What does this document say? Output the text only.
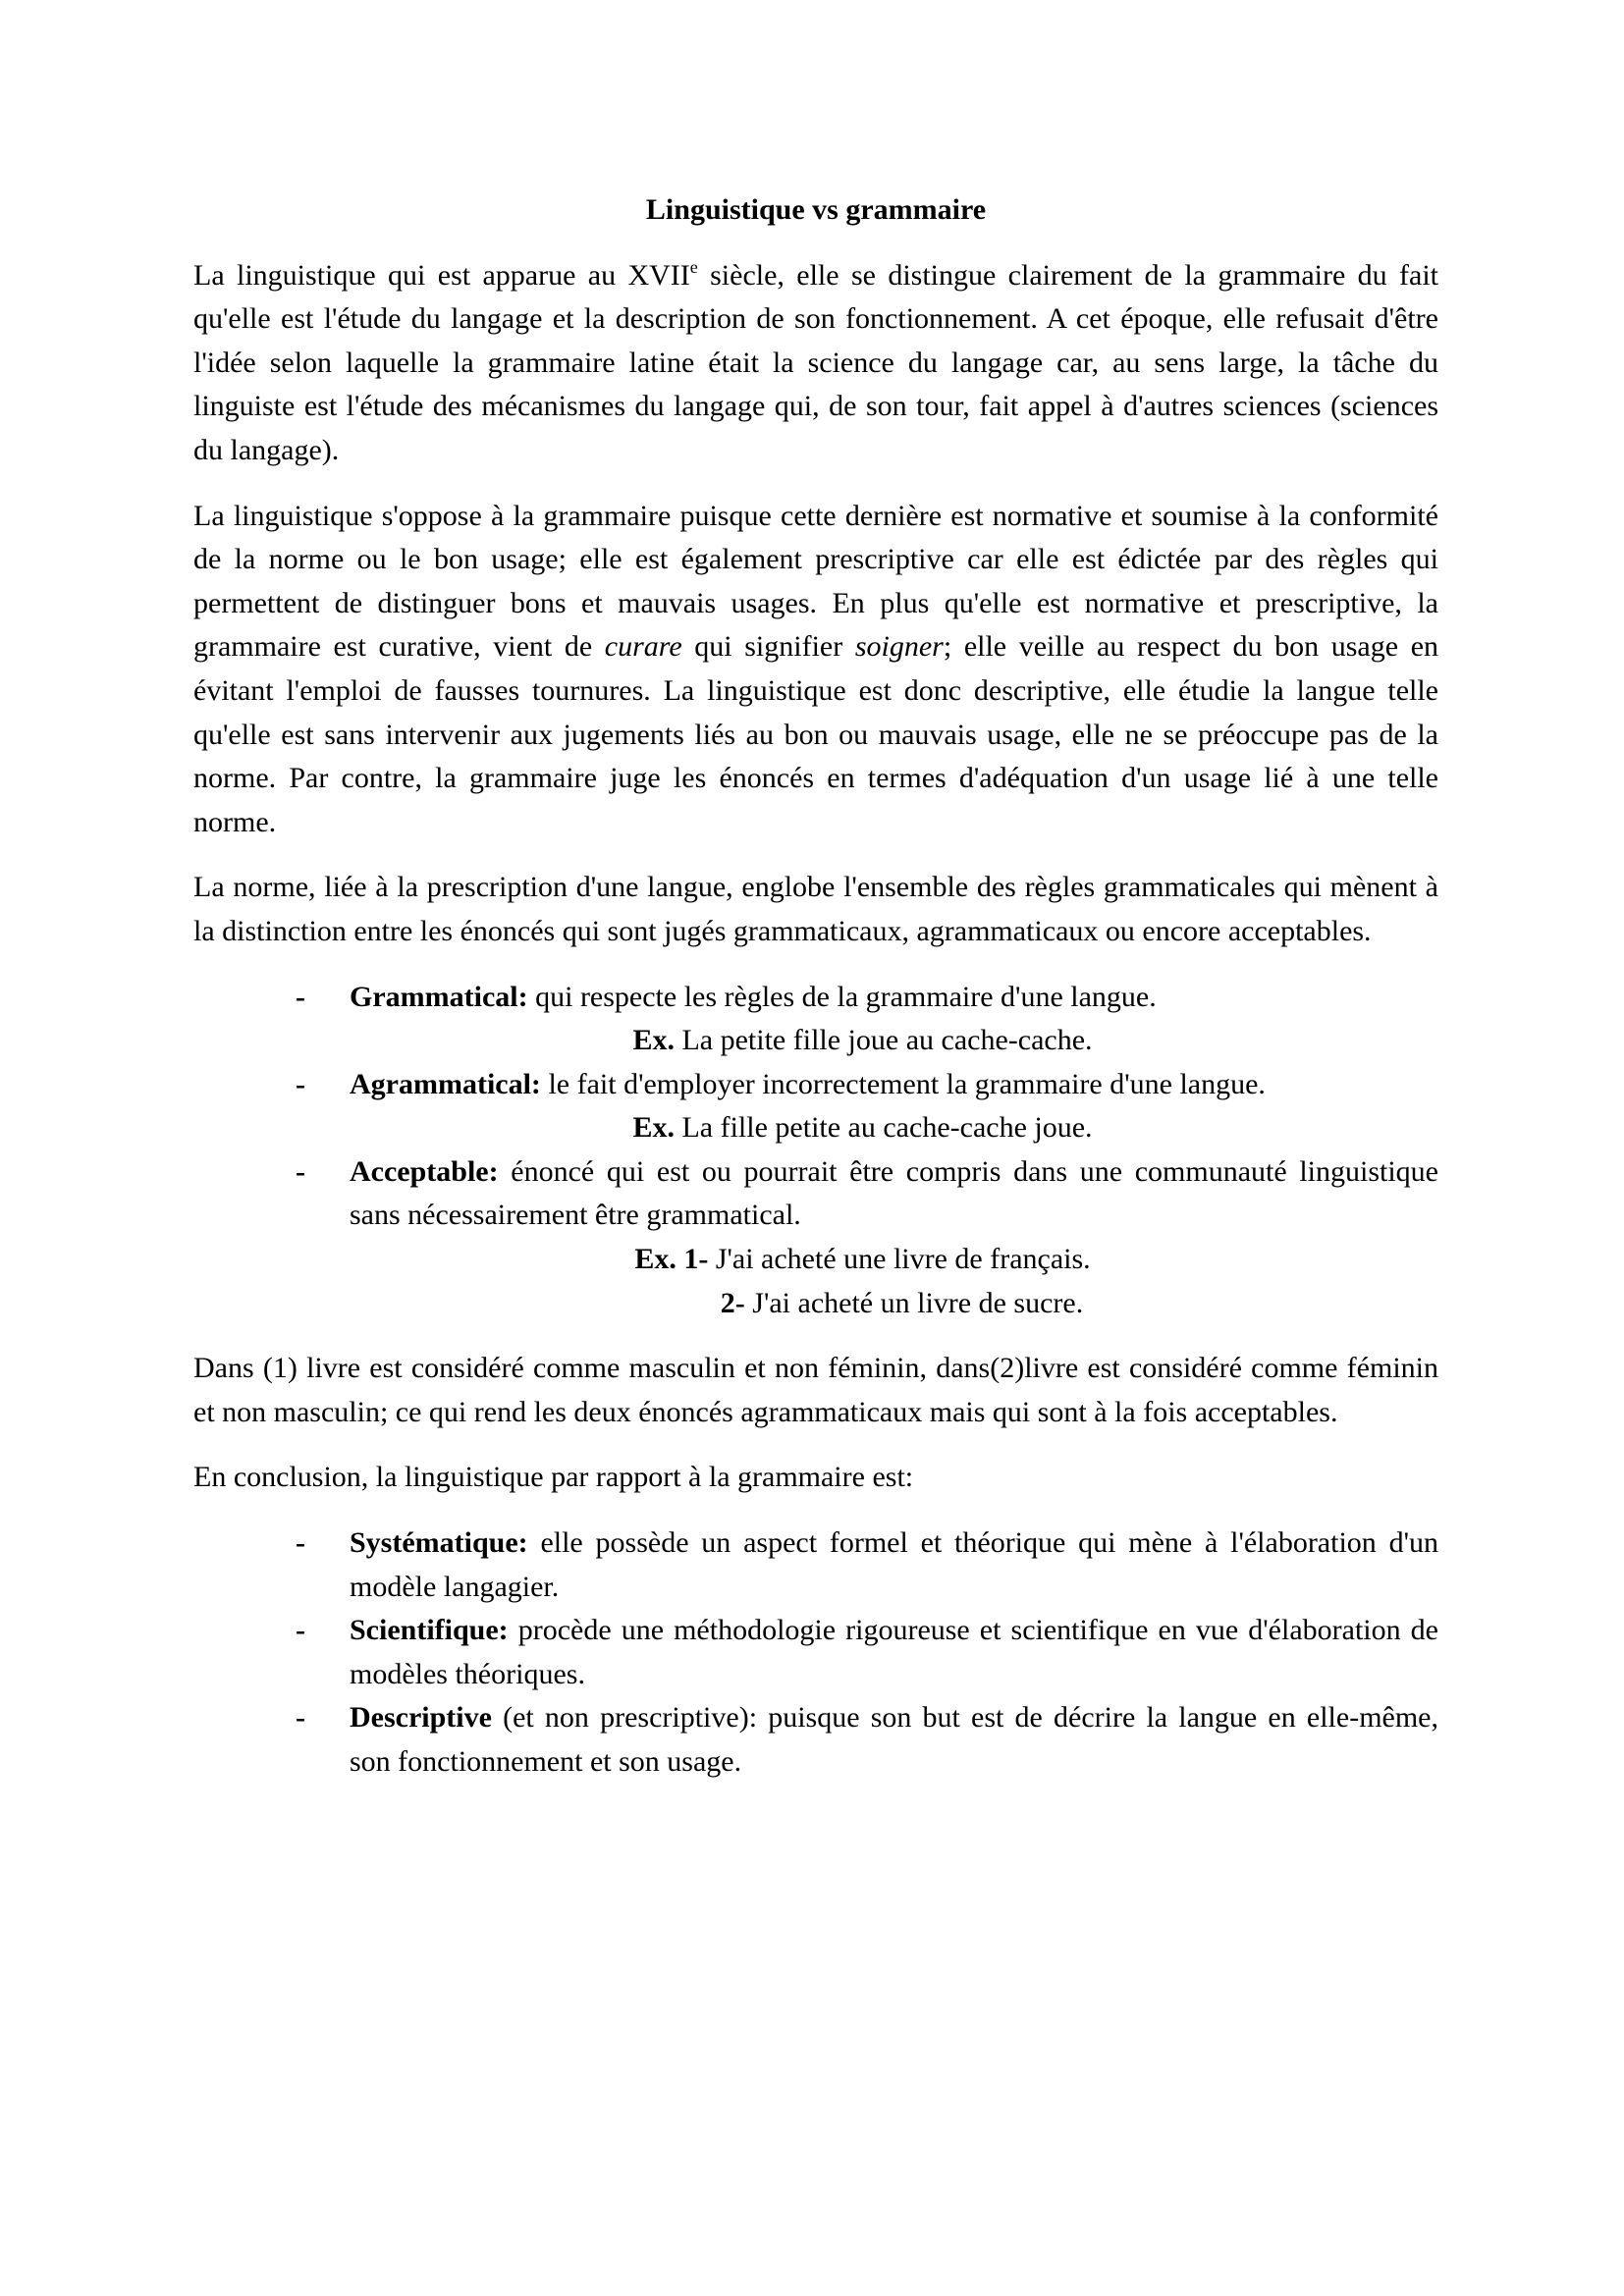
Linguistique vs grammaire

La linguistique qui est apparue au XVIIe siècle, elle se distingue clairement de la grammaire du fait qu'elle est l'étude du langage et la description de son fonctionnement. A cet époque, elle refusait d'être l'idée selon laquelle la grammaire latine était la science du langage car, au sens large, la tâche du linguiste est l'étude des mécanismes du langage qui, de son tour, fait appel à d'autres sciences (sciences du langage).

La linguistique s'oppose à la grammaire puisque cette dernière est normative et soumise à la conformité de la norme ou le bon usage; elle est également prescriptive car elle est édictée par des règles qui permettent de distinguer bons et mauvais usages. En plus qu'elle est normative et prescriptive, la grammaire est curative, vient de curare qui signifier soigner; elle veille au respect du bon usage en évitant l'emploi de fausses tournures. La linguistique est donc descriptive, elle étudie la langue telle qu'elle est sans intervenir aux jugements liés au bon ou mauvais usage, elle ne se préoccupe pas de la norme. Par contre, la grammaire juge les énoncés en termes d'adéquation d'un usage lié à une telle norme.

La norme, liée à la prescription d'une langue, englobe l'ensemble des règles grammaticales qui mènent à la distinction entre les énoncés qui sont jugés grammaticaux, agrammaticaux ou encore acceptables.

- Grammatical: qui respecte les règles de la grammaire d'une langue.
Ex. La petite fille joue au cache-cache.
- Agrammatical: le fait d'employer incorrectement la grammaire d'une langue.
Ex. La fille petite au cache-cache joue.
- Acceptable: énoncé qui est ou pourrait être compris dans une communauté linguistique sans nécessairement être grammatical.
Ex. 1- J'ai acheté une livre de français.
2- J'ai acheté un livre de sucre.

Dans (1) livre est considéré comme masculin et non féminin, dans(2)livre est considéré comme féminin et non masculin; ce qui rend les deux énoncés agrammaticaux mais qui sont à la fois acceptables.

En conclusion, la linguistique par rapport à la grammaire est:

- Systématique: elle possède un aspect formel et théorique qui mène à l'élaboration d'un modèle langagier.
- Scientifique: procède une méthodologie rigoureuse et scientifique en vue d'élaboration de modèles théoriques.
- Descriptive (et non prescriptive): puisque son but est de décrire la langue en elle-même, son fonctionnement et son usage.
